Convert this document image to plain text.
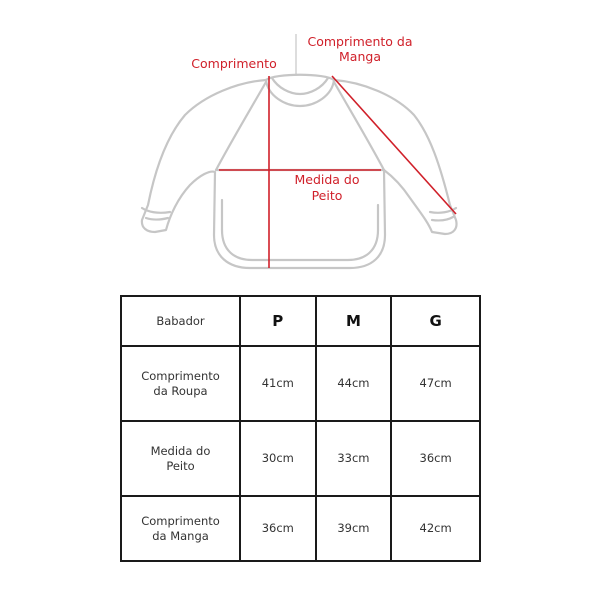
Comprimento
Comprimento da
Manga
Medida do
Peito
Babador	P	M	G
Comprimento
da Roupa	41cm	44cm	47cm
Medida do
Peito	30cm	33cm	36cm
Comprimento
da Manga	36cm	39cm	42cm
